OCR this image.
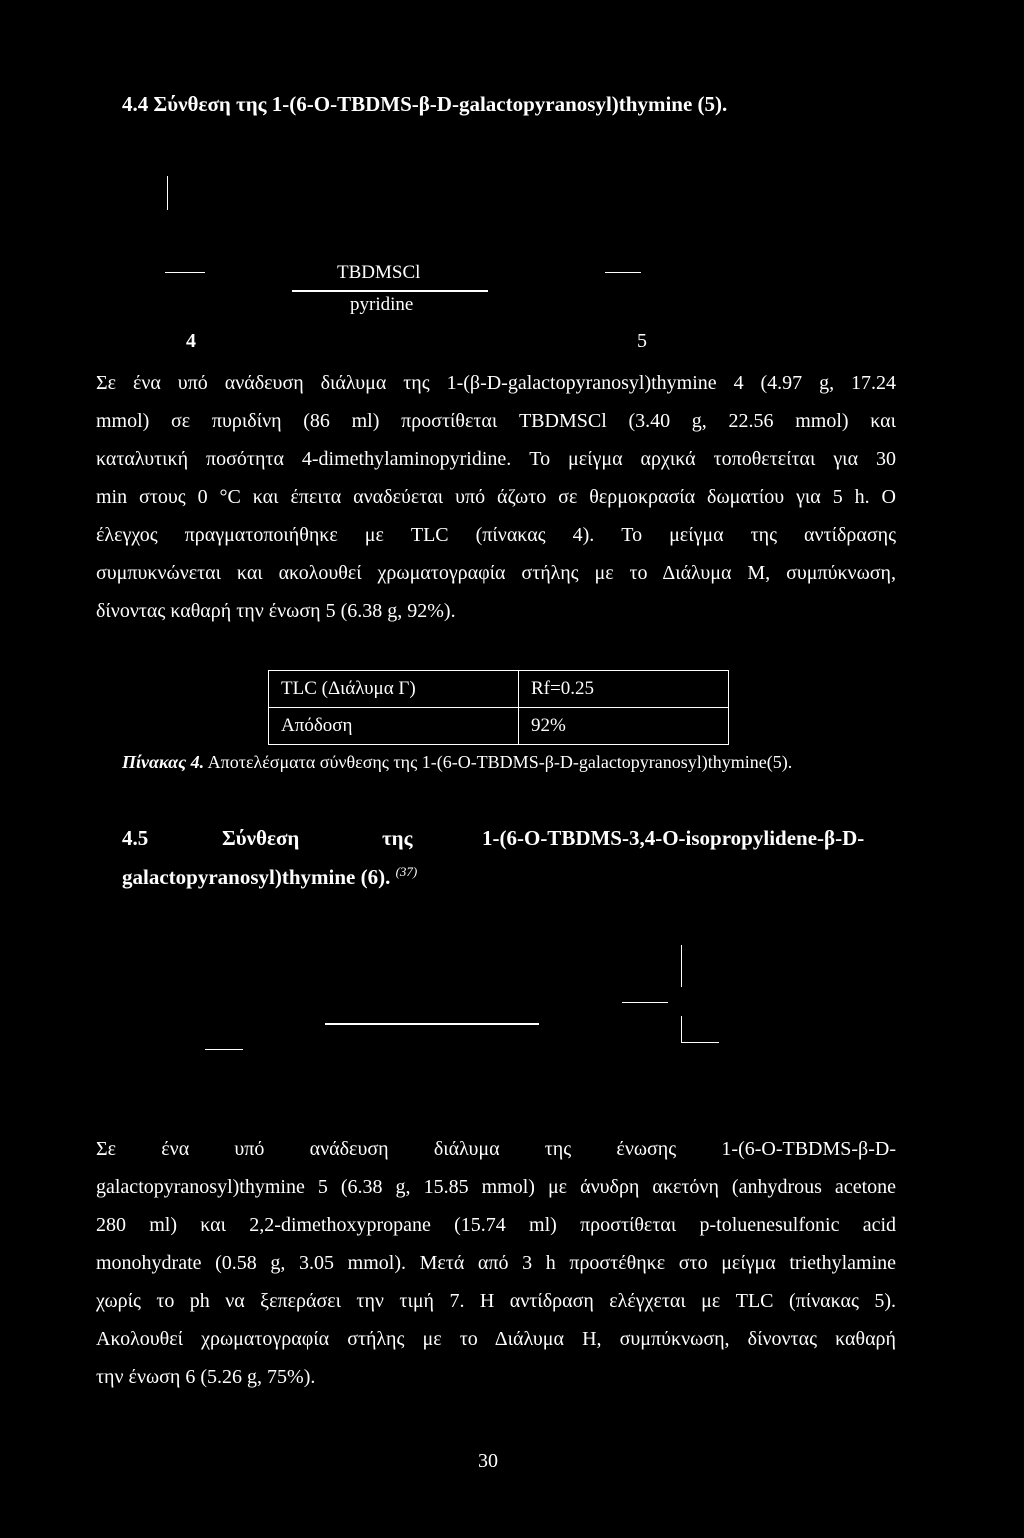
4.4 Σύνθεση της 1-(6-O-TBDMS-β-D-galactopyranosyl)thymine (5).
TBDMSCl
pyridine
4	5
Σε ένα υπό ανάδευση διάλυμα της 1-(β-D-galactopyranosyl)thymine 4 (4.97 g, 17.24
mmol) σε πυριδίνη (86 ml) προστίθεται TBDMSCl (3.40 g, 22.56 mmol) και
καταλυτική ποσότητα 4-dimethylaminopyridine. Το μείγμα αρχικά τοποθετείται για 30
min στους 0 °C και έπειτα αναδεύεται υπό άζωτο σε θερμοκρασία δωματίου για 5 h. O
έλεγχος πραγματοποιήθηκε με TLC (πίνακας 4). Το μείγμα της αντίδρασης
συμπυκνώνεται και ακολουθεί χρωματογραφία στήλης με το Διάλυμα M, συμπύκνωση,
δίνοντας καθαρή την ένωση 5 (6.38 g, 92%).
TLC (Διάλυμα Γ)	Rf=0.25
Απόδοση	92%
Πίνακας 4. Αποτελέσματα σύνθεσης της 1-(6-O-TBDMS-β-D-galactopyranosyl)thymine(5).
4.5	Σύνθεση	της	1-(6-O-TBDMS-3,4-O-isopropylidene-β-D-
galactopyranosyl)thymine (6). $^{(37)}$
Σε ένα υπό ανάδευση διάλυμα της ένωσης 1-(6-O-TBDMS-β-D-
galactopyranosyl)thymine 5 (6.38 g, 15.85 mmol) με άνυδρη ακετόνη (anhydrous acetone
280 ml) και 2,2-dimethoxypropane (15.74 ml) προστίθεται p-toluenesulfonic acid
monohydrate (0.58 g, 3.05 mmol). Μετά από 3 h προστέθηκε στο μείγμα triethylamine
χωρίς το ph να ξεπεράσει την τιμή 7. Η αντίδραση ελέγχεται με TLC (πίνακας 5).
Ακολουθεί χρωματογραφία στήλης με το Διάλυμα Η, συμπύκνωση, δίνοντας καθαρή
την ένωση 6 (5.26 g, 75%).
30
